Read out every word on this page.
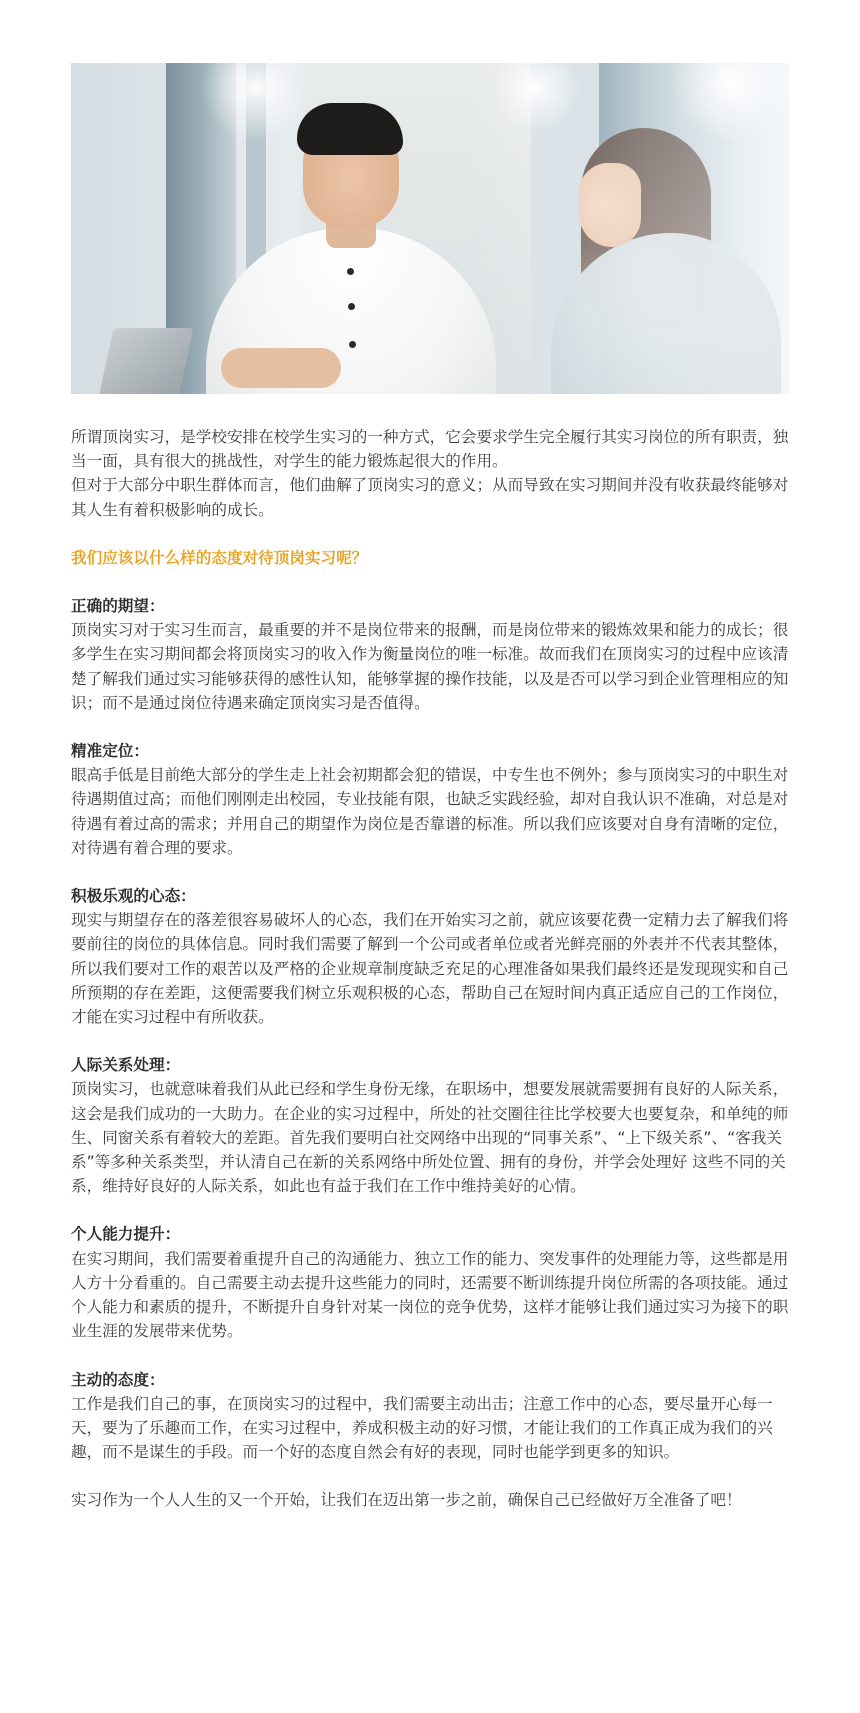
所谓顶岗实习，是学校安排在校学生实习的一种方式，它会要求学生完全履行其实习岗位的所有职责，独当一面，具有很大的挑战性，对学生的能力锻炼起很大的作用。

但对于大部分中职生群体而言，他们曲解了顶岗实习的意义；从而导致在实习期间并没有收获最终能够对其人生有着积极影响的成长。

我们应该以什么样的态度对待顶岗实习呢？

正确的期望：

顶岗实习对于实习生而言，最重要的并不是岗位带来的报酬，而是岗位带来的锻炼效果和能力的成长；很多学生在实习期间都会将顶岗实习的收入作为衡量岗位的唯一标准。故而我们在顶岗实习的过程中应该清楚了解我们通过实习能够获得的感性认知，能够掌握的操作技能，以及是否可以学习到企业管理相应的知识；而不是通过岗位待遇来确定顶岗实习是否值得。

精准定位：

眼高手低是目前绝大部分的学生走上社会初期都会犯的错误，中专生也不例外；参与顶岗实习的中职生对待遇期值过高；而他们刚刚走出校园，专业技能有限，也缺乏实践经验，却对自我认识不准确，对总是对待遇有着过高的需求；并用自己的期望作为岗位是否靠谱的标准。所以我们应该要对自身有清晰的定位，对待遇有着合理的要求。

积极乐观的心态：

现实与期望存在的落差很容易破坏人的心态，我们在开始实习之前，就应该要花费一定精力去了解我们将要前往的岗位的具体信息。同时我们需要了解到一个公司或者单位或者光鲜亮丽的外表并不代表其整体，所以我们要对工作的艰苦以及严格的企业规章制度缺乏充足的心理准备如果我们最终还是发现现实和自己所预期的存在差距，这便需要我们树立乐观积极的心态，帮助自己在短时间内真正适应自己的工作岗位，才能在实习过程中有所收获。

人际关系处理：

顶岗实习，也就意味着我们从此已经和学生身份无缘，在职场中，想要发展就需要拥有良好的人际关系，这会是我们成功的一大助力。在企业的实习过程中，所处的社交圈往往比学校要大也要复杂，和单纯的师生、同窗关系有着较大的差距。首先我们要明白社交网络中出现的“同事关系”、“上下级关系”、“客我关系”等多种关系类型，并认清自己在新的关系网络中所处位置、拥有的身份，并学会处理好 这些不同的关系，维持好良好的人际关系，如此也有益于我们在工作中维持美好的心情。

个人能力提升：

在实习期间，我们需要着重提升自己的沟通能力、独立工作的能力、突发事件的处理能力等，这些都是用人方十分看重的。自己需要主动去提升这些能力的同时，还需要不断训练提升岗位所需的各项技能。通过个人能力和素质的提升，不断提升自身针对某一岗位的竞争优势，这样才能够让我们通过实习为接下的职业生涯的发展带来优势。

主动的态度：

工作是我们自己的事，在顶岗实习的过程中，我们需要主动出击；注意工作中的心态，要尽量开心每一天，要为了乐趣而工作，在实习过程中，养成积极主动的好习惯，才能让我们的工作真正成为我们的兴趣，而不是谋生的手段。而一个好的态度自然会有好的表现，同时也能学到更多的知识。

实习作为一个人人生的又一个开始，让我们在迈出第一步之前，确保自己已经做好万全准备了吧！
